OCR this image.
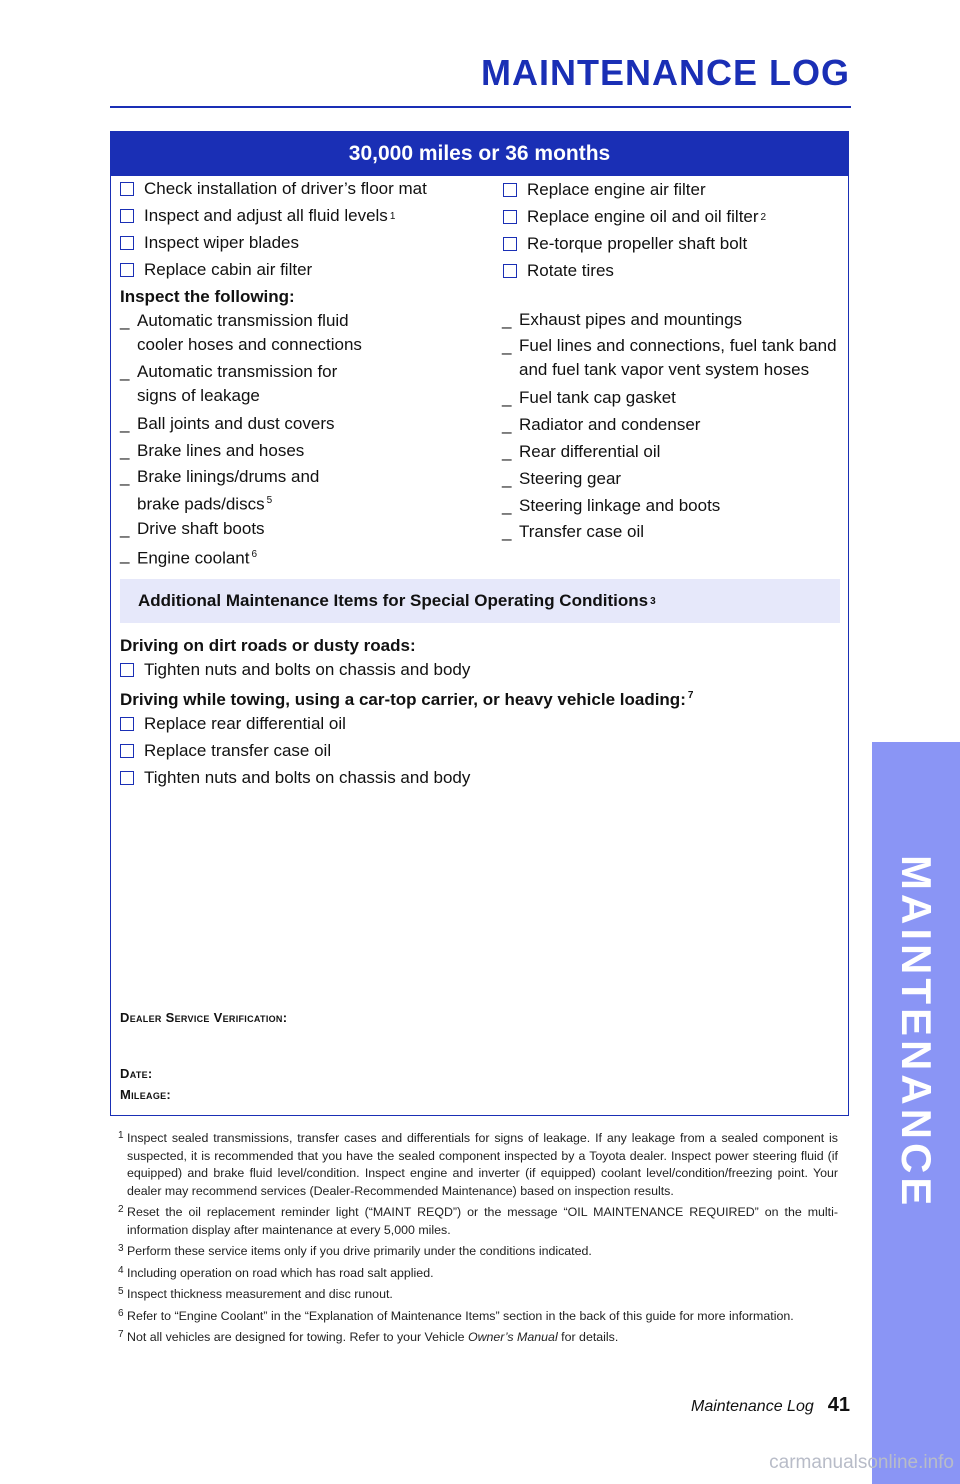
MAINTENANCE LOG
MAINTENANCE
30,000 miles or 36 months
Check installation of driver’s floor mat
Inspect and adjust all fluid levels 1
Inspect wiper blades
Replace cabin air filter
Replace engine air filter
Replace engine oil and oil filter 2
Re-torque propeller shaft bolt
Rotate tires
Inspect the following:
_ Automatic transmission fluid
cooler hoses and connections
_ Automatic transmission for
signs of leakage
_ Ball joints and dust covers
_ Brake lines and hoses
_ Brake linings/drums and
brake pads/discs $^5$
_ Drive shaft boots
_ Engine coolant $^6$
_ Exhaust pipes and mountings
_ Fuel lines and connections, fuel tank band
and fuel tank vapor vent system hoses
_ Fuel tank cap gasket
_ Radiator and condenser
_ Rear differential oil
_ Steering gear
_ Steering linkage and boots
_ Transfer case oil
Additional Maintenance Items for Special Operating Conditions 3
Driving on dirt roads or dusty roads:
Tighten nuts and bolts on chassis and body
Driving while towing, using a car-top carrier, or heavy vehicle loading: $^7$
Replace rear differential oil
Replace transfer case oil
Tighten nuts and bolts on chassis and body
Dealer Service Verification:
Date:
Mileage:
1 Inspect sealed transmissions, transfer cases and differentials for signs of leakage. If any leakage from a sealed component is suspected, it is recommended that you have the sealed component inspected by a Toyota dealer. Inspect power steering fluid (if equipped) and brake fluid level/condition. Inspect engine and inverter (if equipped) coolant level/condition/freezing point. Your dealer may recommend services (Dealer-Recommended Maintenance) based on inspection results.
2 Reset the oil replacement reminder light (“MAINT REQD”) or the message “OIL MAINTENANCE REQUIRED” on the multi-information display after maintenance at every 5,000 miles.
3 Perform these service items only if you drive primarily under the conditions indicated.
4 Including operation on road which has road salt applied.
5 Inspect thickness measurement and disc runout.
6 Refer to “Engine Coolant” in the “Explanation of Maintenance Items” section in the back of this guide for more information.
7 Not all vehicles are designed for towing. Refer to your Vehicle Owner’s Manual for details.
Maintenance Log 41
carmanualsonline.info
